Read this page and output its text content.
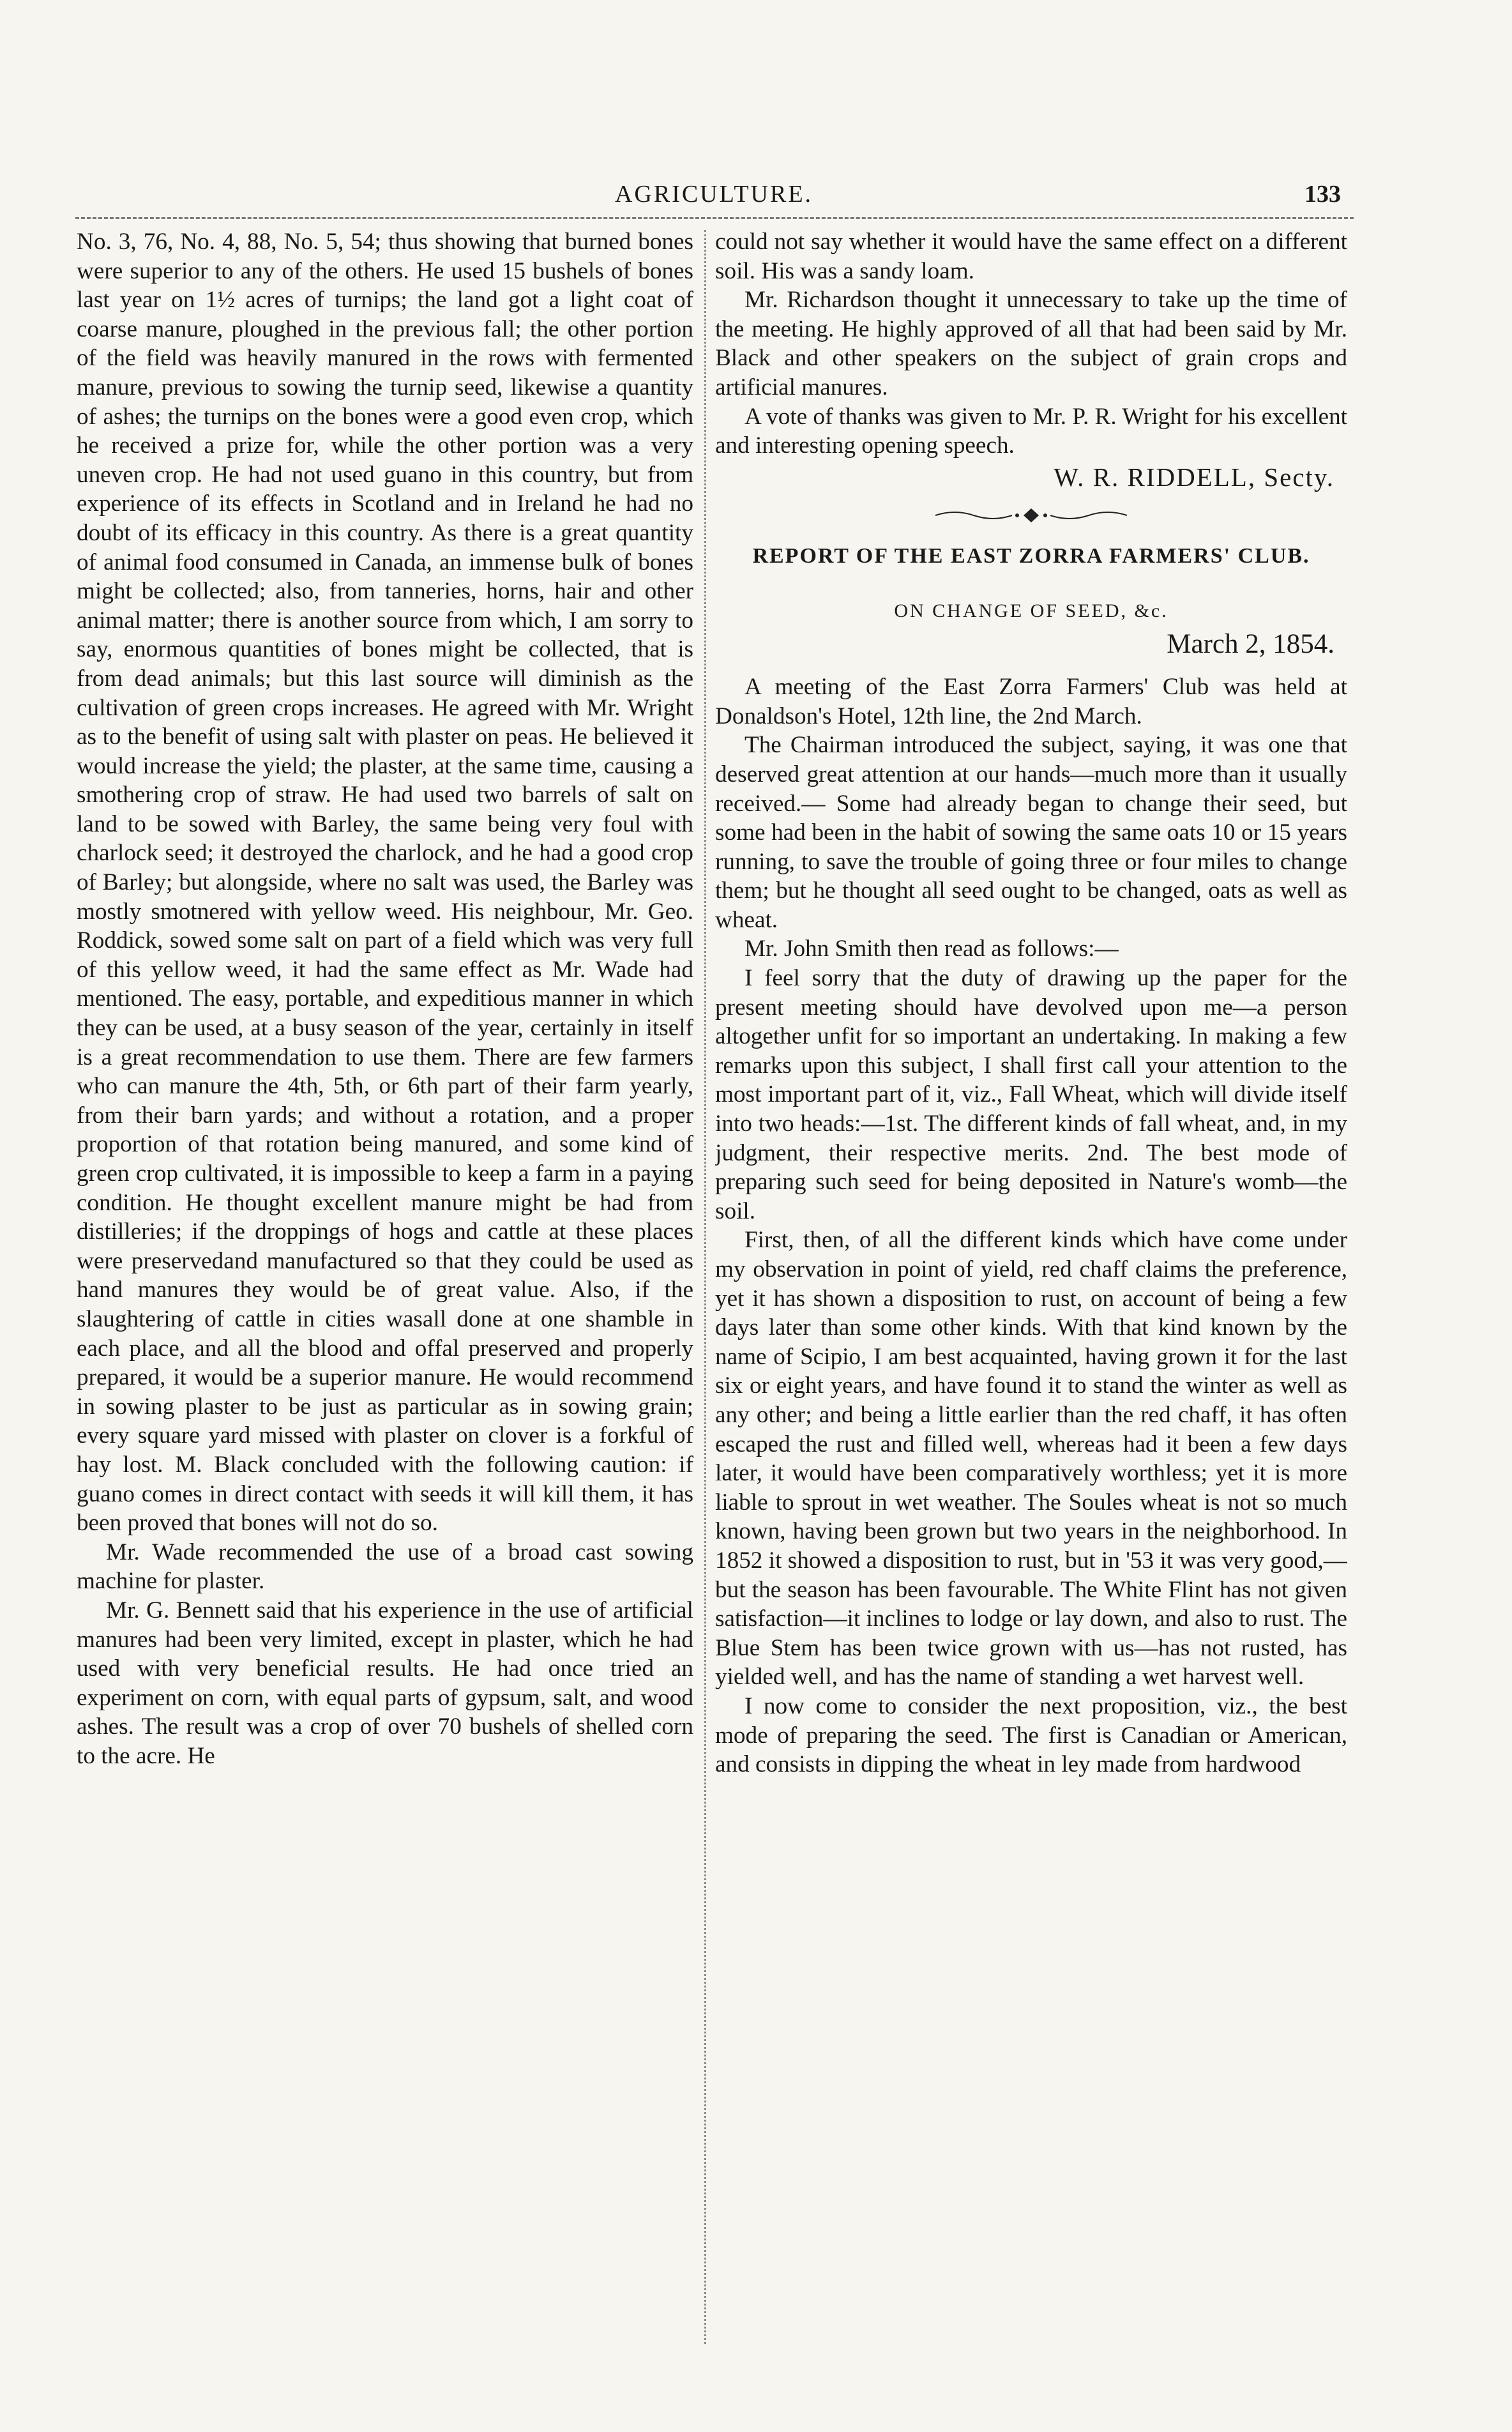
AGRICULTURE.	133

No. 3, 76, No. 4, 88, No. 5, 54; thus showing that burned bones were superior to any of the others. He used 15 bushels of bones last year on 1½ acres of turnips; the land got a light coat of coarse manure, ploughed in the previous fall; the other portion of the field was heavily manured in the rows with fermented manure, previous to sowing the turnip seed, likewise a quantity of ashes; the turnips on the bones were a good even crop, which he received a prize for, while the other portion was a very uneven crop. He had not used guano in this country, but from experience of its effects in Scotland and in Ireland he had no doubt of its efficacy in this country. As there is a great quantity of animal food consumed in Canada, an immense bulk of bones might be collected; also, from tanneries, horns, hair and other animal matter; there is another source from which, I am sorry to say, enormous quantities of bones might be collected, that is from dead animals; but this last source will diminish as the cultivation of green crops increases. He agreed with Mr. Wright as to the benefit of using salt with plaster on peas. He believed it would increase the yield; the plaster, at the same time, causing a smothering crop of straw. He had used two barrels of salt on land to be sowed with Barley, the same being very foul with charlock seed; it destroyed the charlock, and he had a good crop of Barley; but alongside, where no salt was used, the Barley was mostly smotnered with yellow weed. His neighbour, Mr. Geo. Roddick, sowed some salt on part of a field which was very full of this yellow weed, it had the same effect as Mr. Wade had mentioned. The easy, portable, and expeditious manner in which they can be used, at a busy season of the year, certainly in itself is a great recommendation to use them. There are few farmers who can manure the 4th, 5th, or 6th part of their farm yearly, from their barn yards; and without a rotation, and a proper proportion of that rotation being manured, and some kind of green crop cultivated, it is impossible to keep a farm in a paying condition. He thought excellent manure might be had from distilleries; if the droppings of hogs and cattle at these places were preservedand manufactured so that they could be used as hand manures they would be of great value. Also, if the slaughtering of cattle in cities wasall done at one shamble in each place, and all the blood and offal preserved and properly prepared, it would be a superior manure. He would recommend in sowing plaster to be just as particular as in sowing grain; every square yard missed with plaster on clover is a forkful of hay lost. M. Black concluded with the following caution: if guano comes in direct contact with seeds it will kill them, it has been proved that bones will not do so.

Mr. Wade recommended the use of a broad cast sowing machine for plaster.

Mr. G. Bennett said that his experience in the use of artificial manures had been very limited, except in plaster, which he had used with very beneficial results. He had once tried an experiment on corn, with equal parts of gypsum, salt, and wood ashes. The result was a crop of over 70 bushels of shelled corn to the acre. He

could not say whether it would have the same effect on a different soil. His was a sandy loam.

Mr. Richardson thought it unnecessary to take up the time of the meeting. He highly approved of all that had been said by Mr. Black and other speakers on the subject of grain crops and artificial manures.

A vote of thanks was given to Mr. P. R. Wright for his excellent and interesting opening speech.

W. R. RIDDELL, Secty.
REPORT OF THE EAST ZORRA FARMERS' CLUB.
ON CHANGE OF SEED, &c.
March 2, 1854.

A meeting of the East Zorra Farmers' Club was held at Donaldson's Hotel, 12th line, the 2nd March.

The Chairman introduced the subject, saying, it was one that deserved great attention at our hands—much more than it usually received.— Some had already began to change their seed, but some had been in the habit of sowing the same oats 10 or 15 years running, to save the trouble of going three or four miles to change them; but he thought all seed ought to be changed, oats as well as wheat.

Mr. John Smith then read as follows:—

I feel sorry that the duty of drawing up the paper for the present meeting should have devolved upon me—a person altogether unfit for so important an undertaking. In making a few remarks upon this subject, I shall first call your attention to the most important part of it, viz., Fall Wheat, which will divide itself into two heads:—1st. The different kinds of fall wheat, and, in my judgment, their respective merits. 2nd. The best mode of preparing such seed for being deposited in Nature's womb—the soil.

First, then, of all the different kinds which have come under my observation in point of yield, red chaff claims the preference, yet it has shown a disposition to rust, on account of being a few days later than some other kinds. With that kind known by the name of Scipio, I am best acquainted, having grown it for the last six or eight years, and have found it to stand the winter as well as any other; and being a little earlier than the red chaff, it has often escaped the rust and filled well, whereas had it been a few days later, it would have been comparatively worthless; yet it is more liable to sprout in wet weather. The Soules wheat is not so much known, having been grown but two years in the neighborhood. In 1852 it showed a disposition to rust, but in '53 it was very good,—but the season has been favourable. The White Flint has not given satisfaction—it inclines to lodge or lay down, and also to rust. The Blue Stem has been twice grown with us—has not rusted, has yielded well, and has the name of standing a wet harvest well.

I now come to consider the next proposition, viz., the best mode of preparing the seed. The first is Canadian or American, and consists in dipping the wheat in ley made from hardwood
